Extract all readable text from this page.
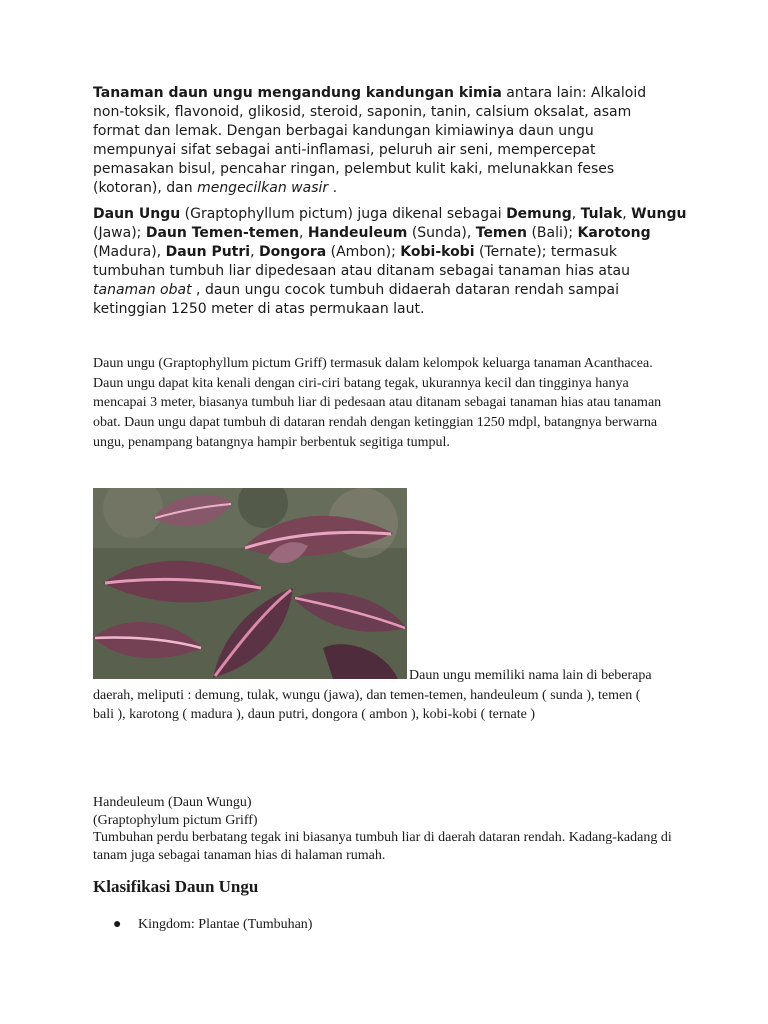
Tanaman daun ungu mengandung kandungan kimia antara lain: Alkaloid non-toksik, flavonoid, glikosid, steroid, saponin, tanin, calsium oksalat, asam format dan lemak. Dengan berbagai kandungan kimiawinya daun ungu mempunyai sifat sebagai anti-inflamasi, peluruh air seni, mempercepat pemasakan bisul, pencahar ringan, pelembut kulit kaki, melunakkan feses (kotoran), dan mengecilkan wasir .

Daun Ungu (Graptophyllum pictum) juga dikenal sebagai Demung, Tulak, Wungu (Jawa); Daun Temen-temen, Handeuleum (Sunda), Temen (Bali); Karotong (Madura), Daun Putri, Dongora (Ambon); Kobi-kobi (Ternate); termasuk tumbuhan tumbuh liar dipedesaan atau ditanam sebagai tanaman hias atau tanaman obat , daun ungu cocok tumbuh didaerah dataran rendah sampai ketinggian 1250 meter di atas permukaan laut.

Daun ungu (Graptophyllum pictum Griff) termasuk dalam kelompok keluarga tanaman Acanthacea. Daun ungu dapat kita kenali dengan ciri-ciri batang tegak, ukurannya kecil dan tingginya hanya mencapai 3 meter, biasanya tumbuh liar di pedesaan atau ditanam sebagai tanaman hias atau tanaman obat. Daun ungu dapat tumbuh di dataran rendah dengan ketinggian 1250 mdpl, batangnya berwarna ungu, penampang batangnya hampir berbentuk segitiga tumpul.

Daun ungu memiliki nama lain di beberapa daerah, meliputi : demung, tulak, wungu (jawa), dan temen-temen, handeuleum ( sunda ), temen ( bali ), karotong ( madura ), daun putri, dongora ( ambon ), kobi-kobi ( ternate )

Handeuleum (Daun Wungu)
(Graptophylum pictum Griff)
Tumbuhan perdu berbatang tegak ini biasanya tumbuh liar di daerah dataran rendah. Kadang-kadang di tanam juga sebagai tanaman hias di halaman rumah.
Klasifikasi Daun Ungu
● Kingdom: Plantae (Tumbuhan)
